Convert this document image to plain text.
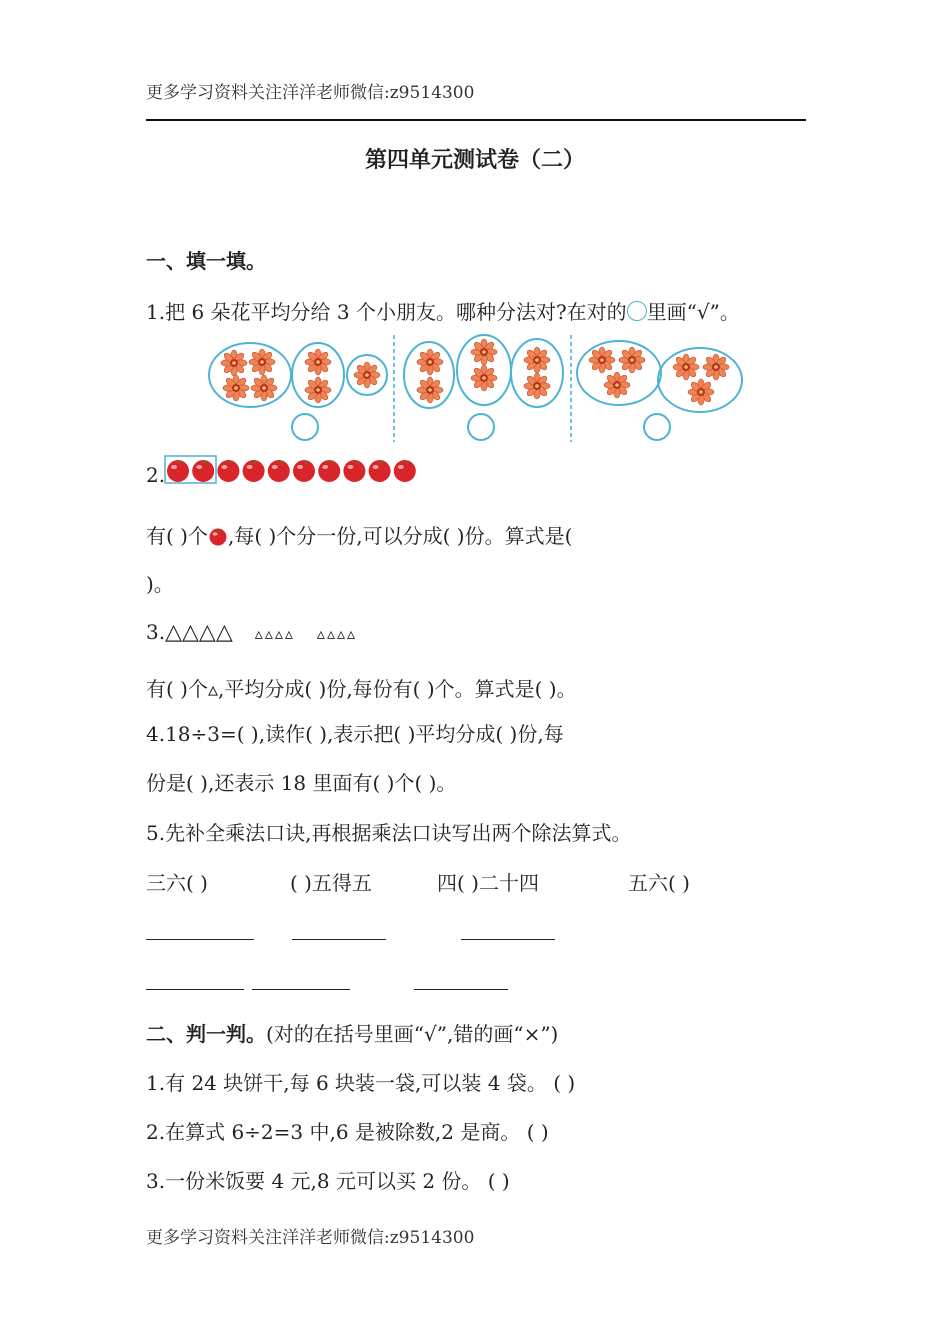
更多学习资料关注洋洋老师微信:z9514300
第四单元测试卷（二）
一、填一填。
1.把 6 朵花平均分给 3 个小朋友。哪种分法对?在对的 里画“√”。
2.
有( )个 ,每( )个分一份,可以分成( )份。算式是(
)。
3.△△△△ ▵▵▵▵ ▵▵▵▵
有( )个▵,平均分成( )份,每份有( )个。算式是( )。
4.18÷3=( ),读作( ),表示把( )平均分成( )份,每
份是( ),还表示 18 里面有( )个( )。
5.先补全乘法口诀,再根据乘法口诀写出两个除法算式。
三六( )	( )五得五	四( )二十四	五六( )
二、判一判。(对的在括号里画“√”,错的画“×”)
1.有 24 块饼干,每 6 块装一袋,可以装 4 袋。 ( )
2.在算式 6÷2=3 中,6 是被除数,2 是商。 ( )
3.一份米饭要 4 元,8 元可以买 2 份。 ( )
更多学习资料关注洋洋老师微信:z9514300
